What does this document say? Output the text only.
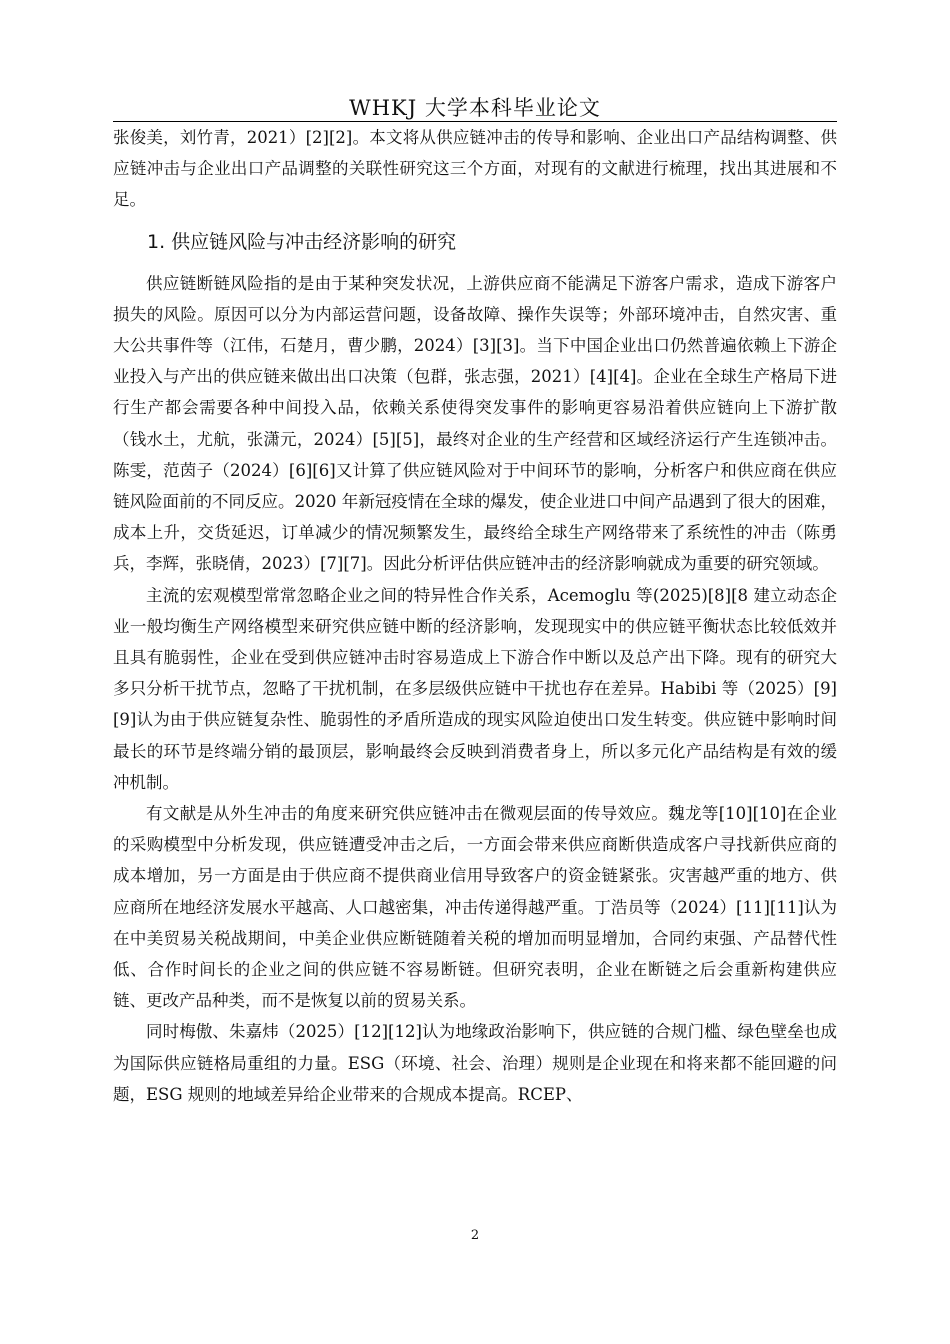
WHKJ 大学本科毕业论文

张俊美，刘竹青，2021）[2][2]。本文将从供应链冲击的传导和影响、企业出口产品结构调整、供应链冲击与企业出口产品调整的关联性研究这三个方面，对现有的文献进行梳理，找出其进展和不足。

1. 供应链风险与冲击经济影响的研究

供应链断链风险指的是由于某种突发状况，上游供应商不能满足下游客户需求，造成下游客户损失的风险。原因可以分为内部运营问题，设备故障、操作失误等；外部环境冲击，自然灾害、重大公共事件等（江伟，石楚月，曹少鹏，2024）[3][3]。当下中国企业出口仍然普遍依赖上下游企业投入与产出的供应链来做出出口决策（包群，张志强，2021）[4][4]。企业在全球生产格局下进行生产都会需要各种中间投入品，依赖关系使得突发事件的影响更容易沿着供应链向上下游扩散（钱水土，尤航，张潇元，2024）[5][5]，最终对企业的生产经营和区域经济运行产生连锁冲击。陈雯，范茵子（2024）[6][6]又计算了供应链风险对于中间环节的影响，分析客户和供应商在供应链风险面前的不同反应。2020 年新冠疫情在全球的爆发，使企业进口中间产品遇到了很大的困难，成本上升，交货延迟，订单减少的情况频繁发生，最终给全球生产网络带来了系统性的冲击（陈勇兵，李辉，张晓倩，2023）[7][7]。因此分析评估供应链冲击的经济影响就成为重要的研究领域。

主流的宏观模型常常忽略企业之间的特异性合作关系，Acemoglu 等(2025)[8][8 建立动态企业一般均衡生产网络模型来研究供应链中断的经济影响，发现现实中的供应链平衡状态比较低效并且具有脆弱性，企业在受到供应链冲击时容易造成上下游合作中断以及总产出下降。现有的研究大多只分析干扰节点，忽略了干扰机制，在多层级供应链中干扰也存在差异。Habibi 等（2025）[9][9]认为由于供应链复杂性、脆弱性的矛盾所造成的现实风险迫使出口发生转变。供应链中影响时间最长的环节是终端分销的最顶层，影响最终会反映到消费者身上，所以多元化产品结构是有效的缓冲机制。

有文献是从外生冲击的角度来研究供应链冲击在微观层面的传导效应。魏龙等[10][10]在企业的采购模型中分析发现，供应链遭受冲击之后，一方面会带来供应商断供造成客户寻找新供应商的成本增加，另一方面是由于供应商不提供商业信用导致客户的资金链紧张。灾害越严重的地方、供应商所在地经济发展水平越高、人口越密集，冲击传递得越严重。丁浩员等（2024）[11][11]认为在中美贸易关税战期间，中美企业供应断链随着关税的增加而明显增加，合同约束强、产品替代性低、合作时间长的企业之间的供应链不容易断链。但研究表明，企业在断链之后会重新构建供应链、更改产品种类，而不是恢复以前的贸易关系。

同时梅傲、朱嘉炜（2025）[12][12]认为地缘政治影响下，供应链的合规门槛、绿色壁垒也成为国际供应链格局重组的力量。ESG（环境、社会、治理）规则是企业现在和将来都不能回避的问题，ESG 规则的地域差异给企业带来的合规成本提高。RCEP、

2
